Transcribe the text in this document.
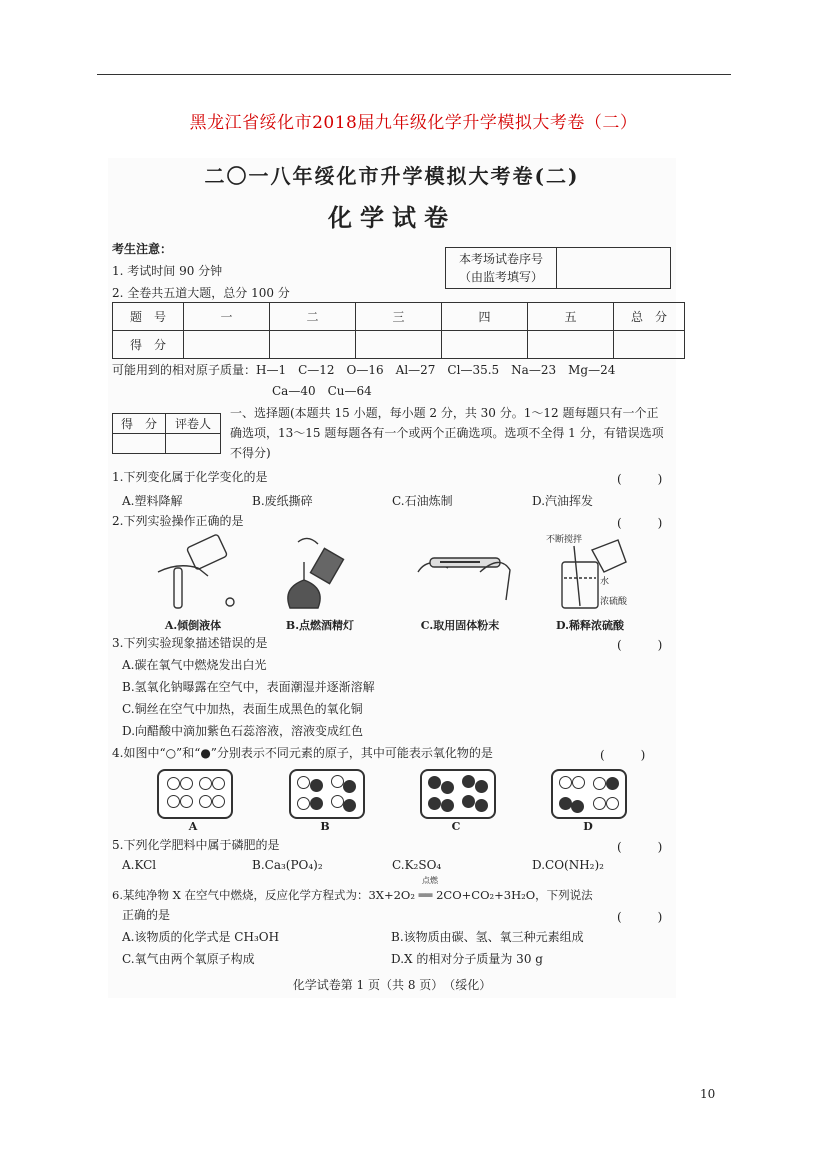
黑龙江省绥化市2018届九年级化学升学模拟大考卷（二）
二〇一八年绥化市升学模拟大考卷(二)
化学试卷
考生注意：
1. 考试时间 90 分钟
2. 全卷共五道大题，总分 100 分
本考场试卷序号
（由监考填写）
题　号	一	二	三	四	五	总　分
得　分						
可能用到的相对原子质量：H—1　C—12　O—16　Al—27　Cl—35.5　Na—23　Mg—24
Ca—40　Cu—64
得　分	评卷人

一、选择题(本题共 15 小题，每小题 2 分，共 30 分。1～12 题每题只有一个正确选项，13～15 题每题各有一个或两个正确选项。选项不全得 1 分，有错误选项不得分)
1.下列变化属于化学变化的是	(　　　)
A.塑料降解	B.废纸撕碎	C.石油炼制	D.汽油挥发
2.下列实验操作正确的是	(　　　)
不断搅拌
水
浓硫酸
A.倾倒液体	B.点燃酒精灯	C.取用固体粉末	D.稀释浓硫酸
3.下列实验现象描述错误的是	(　　　)
A.碳在氧气中燃烧发出白光
B.氢氧化钠曝露在空气中，表面潮湿并逐渐溶解
C.铜丝在空气中加热，表面生成黑色的氧化铜
D.向醋酸中滴加紫色石蕊溶液，溶液变成红色
4.如图中“○”和“●”分别表示不同元素的原子，其中可能表示氧化物的是	(　　　)
A	B	C	D
5.下列化学肥料中属于磷肥的是	(　　　)
A.KCl	B.Ca₃(PO₄)₂	C.K₂SO₄	D.CO(NH₂)₂
点燃
6.某纯净物 X 在空气中燃烧，反应化学方程式为：3X+2O₂ ══ 2CO+CO₂+3H₂O，下列说法
正确的是	(　　　)
A.该物质的化学式是 CH₃OH	B.该物质由碳、氢、氧三种元素组成
C.氧气由两个氧原子构成	D.X 的相对分子质量为 30 g
化学试卷第 1 页（共 8 页）　（绥化）
10
